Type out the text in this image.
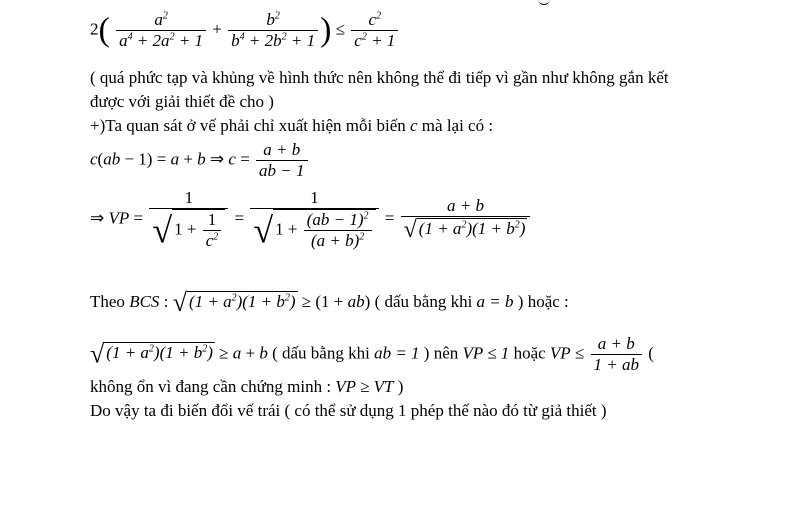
$2( \frac{a^2}{a^4 + 2a^2 + 1} + \frac{b^2}{b^4 + 2b^2 + 1}$ ) ≤ $\frac{c^2}{c^2 + 1}$
( quá phức tạp và khủng về hình thức nên không thể đi tiếp vì gần như không gắn kết
được với giải thiết đề cho )
+)Ta quan sát ở vế phải chỉ xuất hiện mỗi biến c mà lại có :
c(ab − 1) = a + b ⇒ $c = \frac{a + b}{ab - 1}$
⇒ VP = $\frac{1}{√ 1 + \frac{1}{c^2}} = \frac{1}{√ 1 + \frac{(ab - 1)^2}{(a + b)^2}} = \frac{a + b}{√ (1 + a^2)(1 + b^2)}$
Theo BCS : √ $(1 + a^2)(1 + b^2) \ge (1 + ab)$ ( dấu bằng khi a = b ) hoặc :
√ $(1 + a^2)(1 + b^2) \ge a + b$ ( dấu bằng khi ab = 1 ) nên VP ≤ 1 hoặc VP ≤ $\frac{a + b}{1 + ab}$ (
không ổn vì đang cần chứng minh : VP ≥ VT )
Do vậy ta đi biến đổi vế trái ( có thể sử dụng 1 phép thế nào đó từ giả thiết )
